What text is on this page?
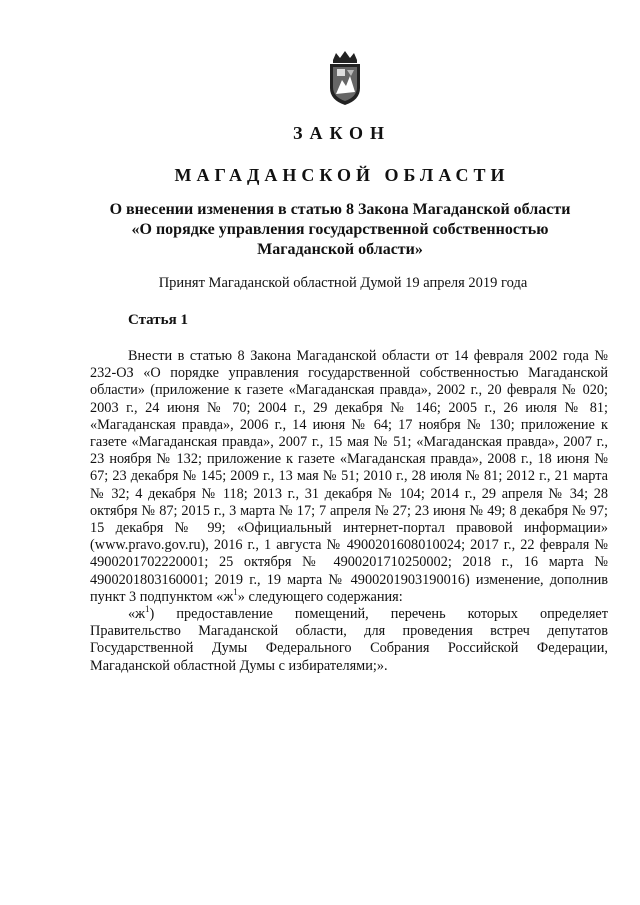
ЗАКОН
МАГАДАНСКОЙ ОБЛАСТИ
О внесении изменения в статью 8 Закона Магаданской области
«О порядке управления государственной собственностью
Магаданской области»
Принят Магаданской областной Думой 19 апреля 2019 года
Статья 1

Внести в статью 8 Закона Магаданской области от 14 февраля 2002 года № 232-ОЗ «О порядке управления государственной собственностью Магаданской области» (приложение к газете «Магаданская правда», 2002 г., 20 февраля № 020; 2003 г., 24 июня № 70; 2004 г., 29 декабря № 146; 2005 г., 26 июля № 81; «Магаданская правда», 2006 г., 14 июня № 64; 17 ноября № 130; приложение к газете «Магаданская правда», 2007 г., 15 мая № 51; «Магаданская правда», 2007 г., 23 ноября № 132; приложение к газете «Магаданская правда», 2008 г., 18 июня № 67; 23 декабря № 145; 2009 г., 13 мая № 51; 2010 г., 28 июля № 81; 2012 г., 21 марта № 32; 4 декабря № 118; 2013 г., 31 декабря № 104; 2014 г., 29 апреля № 34; 28 октября № 87; 2015 г., 3 марта № 17; 7 апреля № 27; 23 июня № 49; 8 декабря № 97; 15 декабря № 99; «Официальный интернет-портал правовой информации» (www.pravo.gov.ru), 2016 г., 1 августа № 4900201608010024; 2017 г., 22 февраля № 4900201702220001; 25 октября № 4900201710250002; 2018 г., 16 марта № 4900201803160001; 2019 г., 19 марта № 4900201903190016) изменение, дополнив пункт 3 подпунктом «$ж^1$» следующего содержания:

«$ж^1$) предоставление помещений, перечень которых определяет Правительство Магаданской области, для проведения встреч депутатов Государственной Думы Федерального Собрания Российской Федерации, Магаданской областной Думы с избирателями;».
